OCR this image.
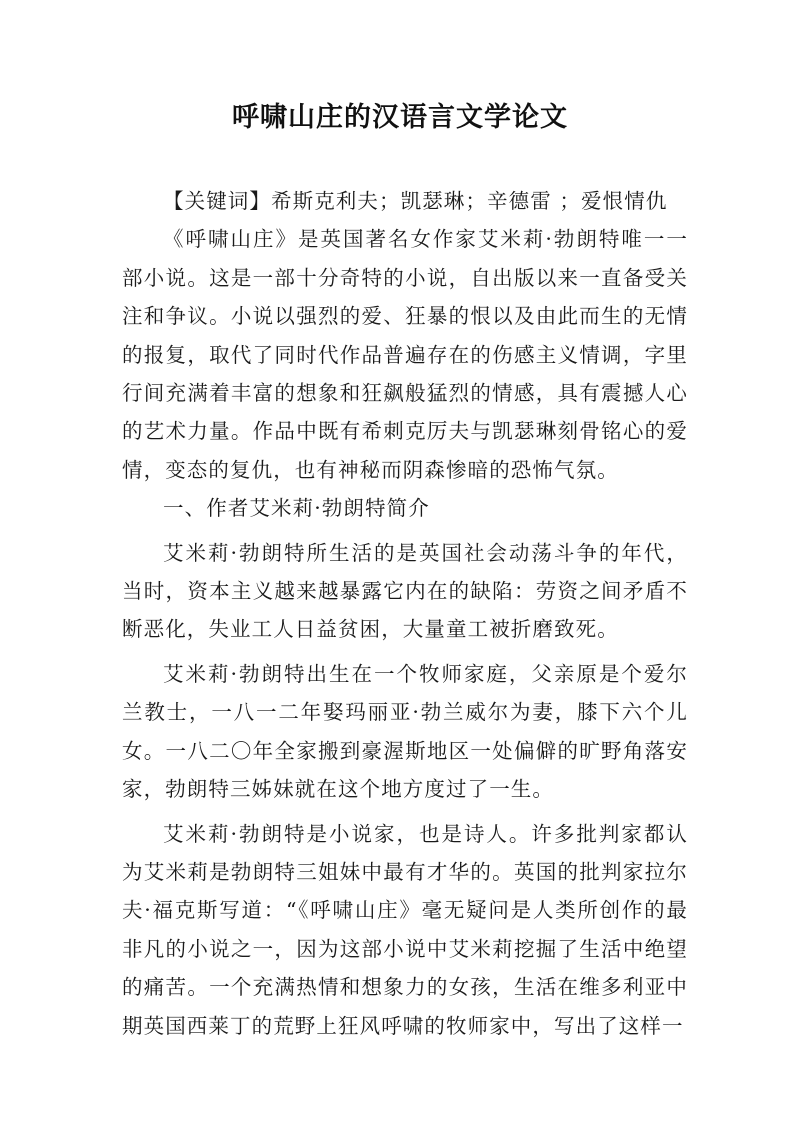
呼啸山庄的汉语言文学论文

【关键词】希斯克利夫；凯瑟琳；辛德雷 ；爱恨情仇

《呼啸山庄》是英国著名女作家艾米莉·勃朗特唯一一部小说。这是一部十分奇特的小说，自出版以来一直备受关注和争议。小说以强烈的爱、狂暴的恨以及由此而生的无情的报复，取代了同时代作品普遍存在的伤感主义情调，字里行间充满着丰富的想象和狂飙般猛烈的情感，具有震撼人心的艺术力量。作品中既有希刺克厉夫与凯瑟琳刻骨铭心的爱情，变态的复仇，也有神秘而阴森惨暗的恐怖气氛。

一、作者艾米莉·勃朗特简介

艾米莉·勃朗特所生活的是英国社会动荡斗争的年代，当时，资本主义越来越暴露它内在的缺陷：劳资之间矛盾不断恶化，失业工人日益贫困，大量童工被折磨致死。

艾米莉·勃朗特出生在一个牧师家庭，父亲原是个爱尔兰教士，一八一二年娶玛丽亚·勃兰威尔为妻，膝下六个儿女。一八二〇年全家搬到豪渥斯地区一处偏僻的旷野角落安家，勃朗特三姊妹就在这个地方度过了一生。

艾米莉·勃朗特是小说家，也是诗人。许多批判家都认为艾米莉是勃朗特三姐妹中最有才华的。英国的批判家拉尔夫·福克斯写道：“《呼啸山庄》毫无疑问是人类所创作的最非凡的小说之一，因为这部小说中艾米莉挖掘了生活中绝望的痛苦。一个充满热情和想象力的女孩，生活在维多利亚中期英国西莱丁的荒野上狂风呼啸的牧师家中，写出了这样一
